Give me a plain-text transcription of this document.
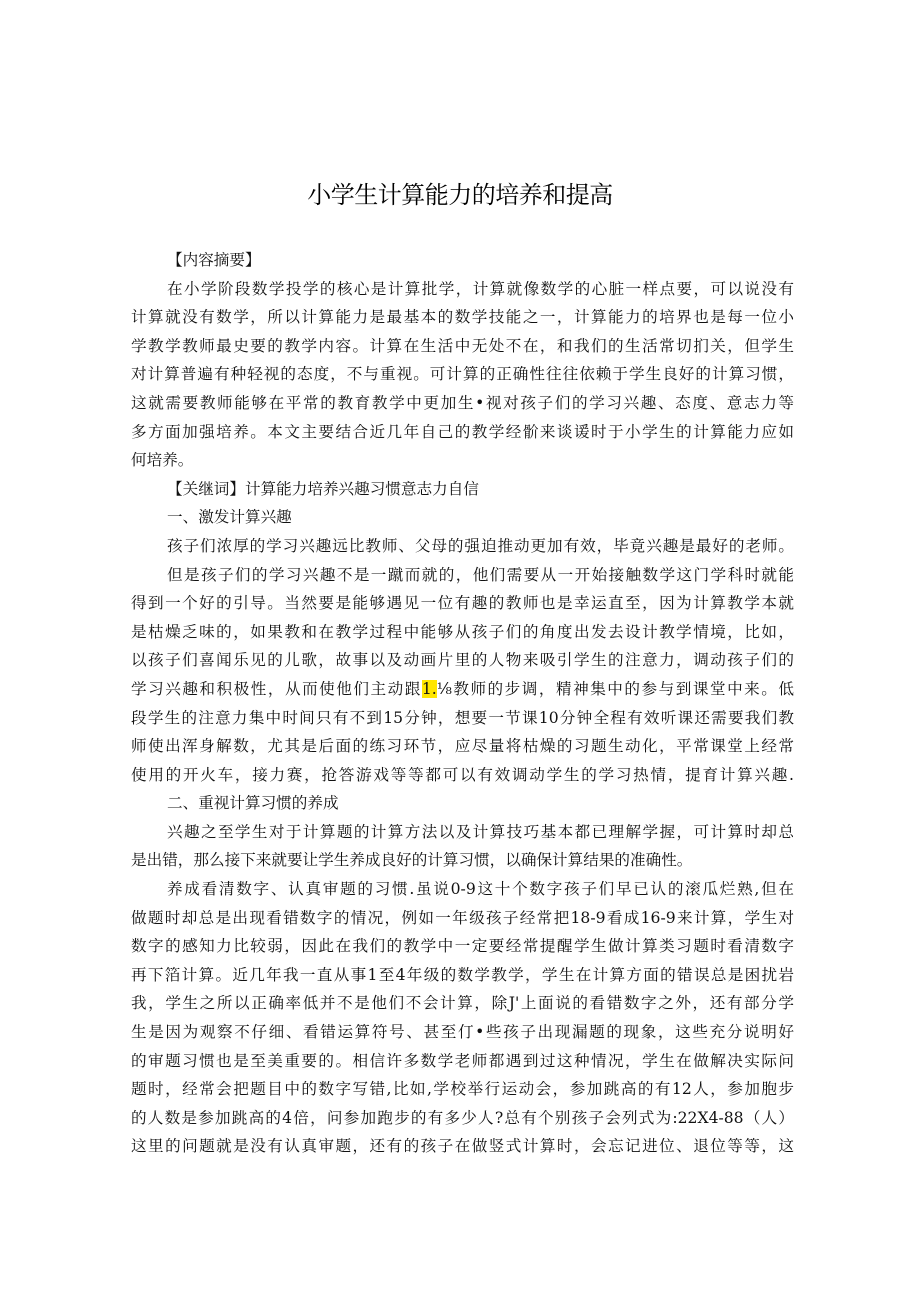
小学生计算能力的培养和提高
【内容摘要】
在小学阶段数学投学的核心是计算批学，计算就像数学的心脏一样点要，可以说没有
计算就没有数学，所以计算能力是最基本的数学技能之一，计算能力的培界也是每一位小
学教学教师最史要的教学内容。计算在生活中无处不在，和我们的生活常切扪关，但学生
对计算普遍有种轻视的态度，不与重视。可计算的正确性往往依赖于学生良好的计算习惯，
这就需要教师能够在平常的教育教学中更加生•视对孩子们的学习兴趣、态度、意志力等
多方面加强培养。本文主要结合近几年自己的教学经骱来谈谖时于小学生的计算能力应如
何培养。
【关继词】计算能力培养兴趣习惯意志力自信
一、激发计算兴趣
孩子们浓厚的学习兴趣远比教师、父母的强迫推动更加有效，毕竟兴趣是最好的老师。
但是孩子们的学习兴趣不是一蹴而就的，他们需要从一开始接触数学这门学科时就能
得到一个好的引导。当然要是能够遇见一位有趣的教师也是幸运直至，因为计算教学本就
是枯燥乏味的，如果教和在教学过程中能够从孩子们的角度出发去设计教学情境，比如，
以孩子们喜闻乐见的儿歌，故事以及动画片里的人物来吸引学生的注意力，调动孩子们的
学习兴趣和积极性，从而使他们主动跟1.⅛教师的步调，精神集中的参与到课堂中来。低
段学生的注意力集中时间只有不到15分钟，想要一节课10分钟全程有效听课还需要我们教
师使出浑身解数，尤其是后面的练习环节，应尽量将枯燥的习题生动化，平常课堂上经常
使用的开火车，接力赛，抢答游戏等等都可以有效调动学生的学习热情，提育计算兴趣.
二、重视计算习惯的养成
兴趣之至学生对于计算题的计算方法以及计算技巧基本都已理解学握，可计算时却总
是出错，那么接下来就要让学生养成良好的计算习惯，以确保计算结果的准确性。
养成看清数字、认真审题的习惯.虽说0-9这十个数字孩子们早已认的滚瓜烂熟,但在
做题时却总是出现看错数字的情况，例如一年级孩子经常把18-9看成16-9来计算，学生对
数字的感知力比较弱，因此在我们的教学中一定要经常提醒学生做计算类习题时看清数字
再下箔计算。近几年我一直从事1至4年级的数学教学，学生在计算方面的错误总是困扰岩
我，学生之所以正确率低并不是他们不会计算，除J'上面说的看错数字之外，还有部分学
生是因为观察不仔细、看错运算符号、甚至仃•些孩子出现漏题的现象，这些充分说明好
的审题习惯也是至美重要的。相信许多数学老师都遇到过这种情况，学生在做解决实际问
题时，经常会把题目中的数字写错,比如,学校举行运动会，参加跳高的有12人，参加胞步
的人数是参加跳高的4倍，问参加跑步的有多少人?总有个别孩子会列式为:22X4-88（人）
这里的问题就是没有认真审题，还有的孩子在做竖式计算时，会忘记进位、退位等等，这
